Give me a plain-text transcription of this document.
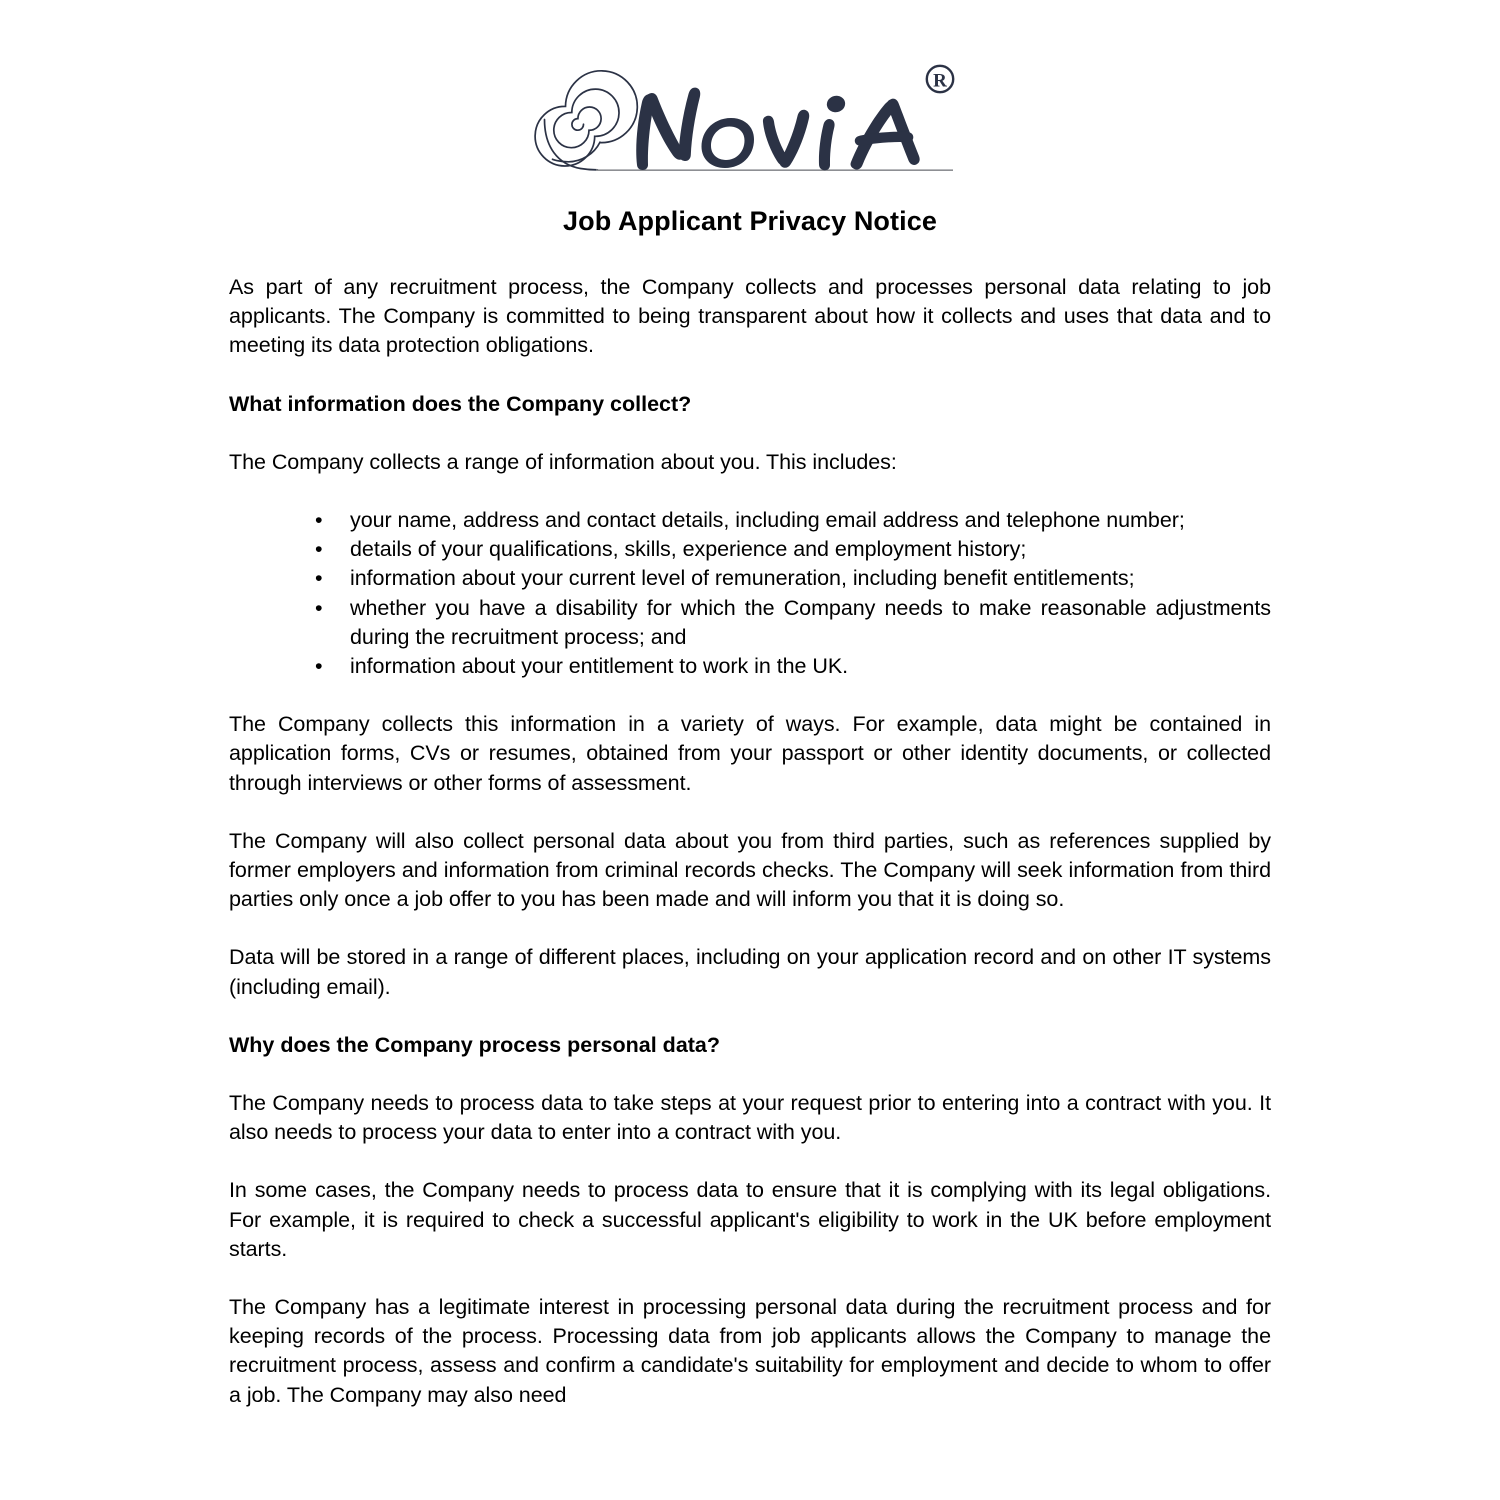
R
Job Applicant Privacy Notice

As part of any recruitment process, the Company collects and processes personal data relating to job applicants. The Company is committed to being transparent about how it collects and uses that data and to meeting its data protection obligations.

What information does the Company collect?

The Company collects a range of information about you. This includes:

• your name, address and contact details, including email address and telephone number;
• details of your qualifications, skills, experience and employment history;
• information about your current level of remuneration, including benefit entitlements;
• whether you have a disability for which the Company needs to make reasonable adjustments during the recruitment process; and
• information about your entitlement to work in the UK.

The Company collects this information in a variety of ways. For example, data might be contained in application forms, CVs or resumes, obtained from your passport or other identity documents, or collected through interviews or other forms of assessment.

The Company will also collect personal data about you from third parties, such as references supplied by former employers and information from criminal records checks. The Company will seek information from third parties only once a job offer to you has been made and will inform you that it is doing so.

Data will be stored in a range of different places, including on your application record and on other IT systems (including email).

Why does the Company process personal data?

The Company needs to process data to take steps at your request prior to entering into a contract with you. It also needs to process your data to enter into a contract with you.

In some cases, the Company needs to process data to ensure that it is complying with its legal obligations. For example, it is required to check a successful applicant's eligibility to work in the UK before employment starts.

The Company has a legitimate interest in processing personal data during the recruitment process and for keeping records of the process. Processing data from job applicants allows the Company to manage the recruitment process, assess and confirm a candidate's suitability for employment and decide to whom to offer a job. The Company may also need
